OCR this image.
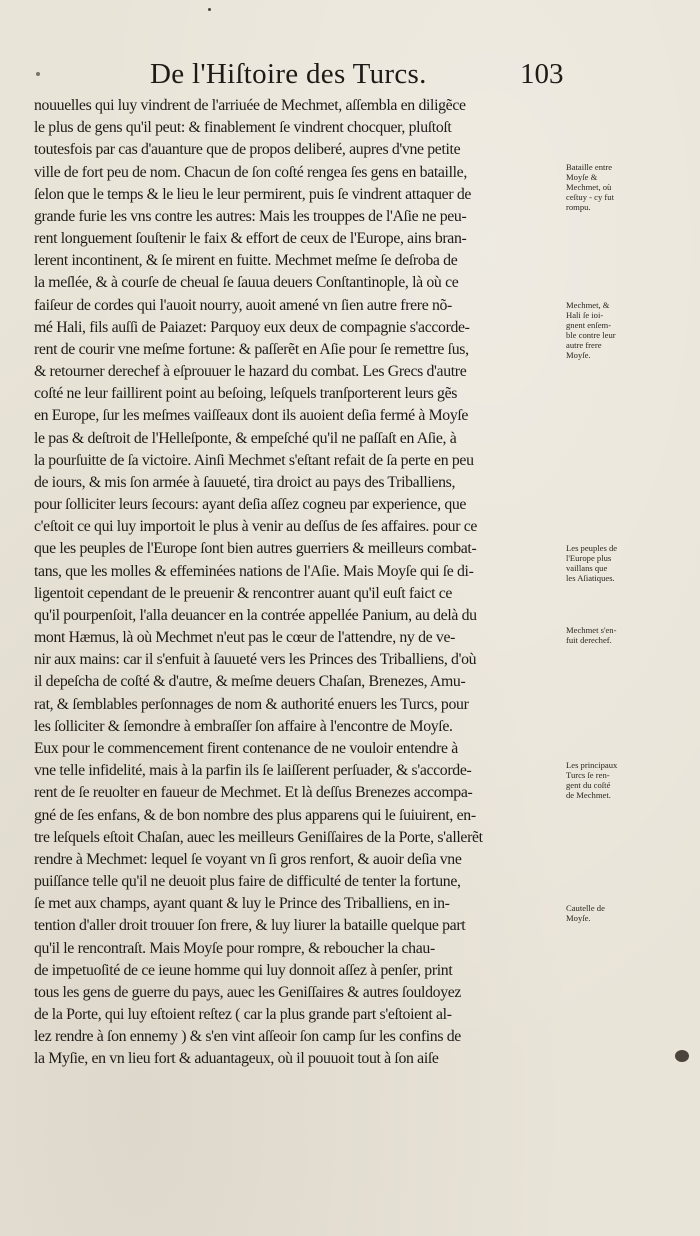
De l'Hiſtoire des Turcs.	103
nouuelles qui luy vindrent de l'arriuée de Mechmet, aſſembla en diligẽce
le plus de gens qu'il peut: & finablement ſe vindrent chocquer, pluſtoſt
toutesfois par cas d'auanture que de propos deliberé, aupres d'vne petite
ville de fort peu de nom. Chacun de ſon coſté rengea ſes gens en bataille,
ſelon que le temps & le lieu le leur permirent, puis ſe vindrent attaquer de
grande furie les vns contre les autres: Mais les trouppes de l'Aſie ne peu-
rent longuement ſouſtenir le faix & effort de ceux de l'Europe, ains bran-
lerent incontinent, & ſe mirent en fuitte. Mechmet meſme ſe deſroba de
la meſlée, & à courſe de cheual ſe ſauua deuers Conſtantinople, là où ce
faiſeur de cordes qui l'auoit nourry, auoit amené vn ſien autre frere nõ-
mé Hali, fils auſſi de Paiazet: Parquoy eux deux de compagnie s'accorde-
rent de courir vne meſme fortune: & paſſerẽt en Aſie pour ſe remettre ſus,
& retourner derechef à eſprouuer le hazard du combat. Les Grecs d'autre
coſté ne leur faillirent point au beſoing, leſquels tranſporterent leurs gẽs
en Europe, ſur les meſmes vaiſſeaux dont ils auoient deſia fermé à Moyſe
le pas & deſtroit de l'Helleſponte, & empeſché qu'il ne paſſaſt en Aſie, à
la pourſuitte de ſa victoire. Ainſi Mechmet s'eſtant refait de ſa perte en peu
de iours, & mis ſon armée à ſauueté, tira droict au pays des Triballiens,
pour ſolliciter leurs ſecours: ayant deſia aſſez cogneu par experience, que
c'eſtoit ce qui luy importoit le plus à venir au deſſus de ſes affaires. pour ce
que les peuples de l'Europe ſont bien autres guerriers & meilleurs combat-
tans, que les molles & effeminées nations de l'Aſie. Mais Moyſe qui ſe di-
ligentoit cependant de le preuenir & rencontrer auant qu'il euſt faict ce
qu'il pourpenſoit, l'alla deuancer en la contrée appellée Panium, au delà du
mont Hæmus, là où Mechmet n'eut pas le cœur de l'attendre, ny de ve-
nir aux mains: car il s'enfuit à ſauueté vers les Princes des Triballiens, d'où
il depeſcha de coſté & d'autre, & meſme deuers Chaſan, Brenezes, Amu-
rat, & ſemblables perſonnages de nom & authorité enuers les Turcs, pour
les ſolliciter & ſemondre à embraſſer ſon affaire à l'encontre de Moyſe.
Eux pour le commencement firent contenance de ne vouloir entendre à
vne telle infidelité, mais à la parfin ils ſe laiſſerent perſuader, & s'accorde-
rent de ſe reuolter en faueur de Mechmet. Et là deſſus Brenezes accompa-
gné de ſes enfans, & de bon nombre des plus apparens qui le ſuiuirent, en-
tre leſquels eſtoit Chaſan, auec les meilleurs Geniſſaires de la Porte, s'allerẽt
rendre à Mechmet: lequel ſe voyant vn ſi gros renfort, & auoir deſia vne
puiſſance telle qu'il ne deuoit plus faire de difficulté de tenter la fortune,
ſe met aux champs, ayant quant & luy le Prince des Triballiens, en in-
tention d'aller droit trouuer ſon frere, & luy liurer la bataille quelque part
qu'il le rencontraſt. Mais Moyſe pour rompre, & reboucher la chau-
de impetuoſité de ce ieune homme qui luy donnoit aſſez à penſer, print
tous les gens de guerre du pays, auec les Geniſſaires & autres ſouldoyez
de la Porte, qui luy eſtoient reſtez ( car la plus grande part s'eſtoient al-
lez rendre à ſon ennemy ) & s'en vint aſſeoir ſon camp ſur les confins de
la Myſie, en vn lieu fort & aduantageux, où il pouuoit tout à ſon aiſe
Bataille entre
Moyſe &
Mechmet, où
ceſtuy - cy fut
rompu.
Mechmet, &
Hali ſe ioi-
gnent enſem-
ble contre leur
autre frere
Moyſe.
Les peuples de
l'Europe plus
vaillans que
les Aſiatiques.
Mechmet s'en-
fuit derechef.
Les principaux
Turcs ſe ren-
gent du coſté
de Mechmet.
Cautelle de
Moyſe.
